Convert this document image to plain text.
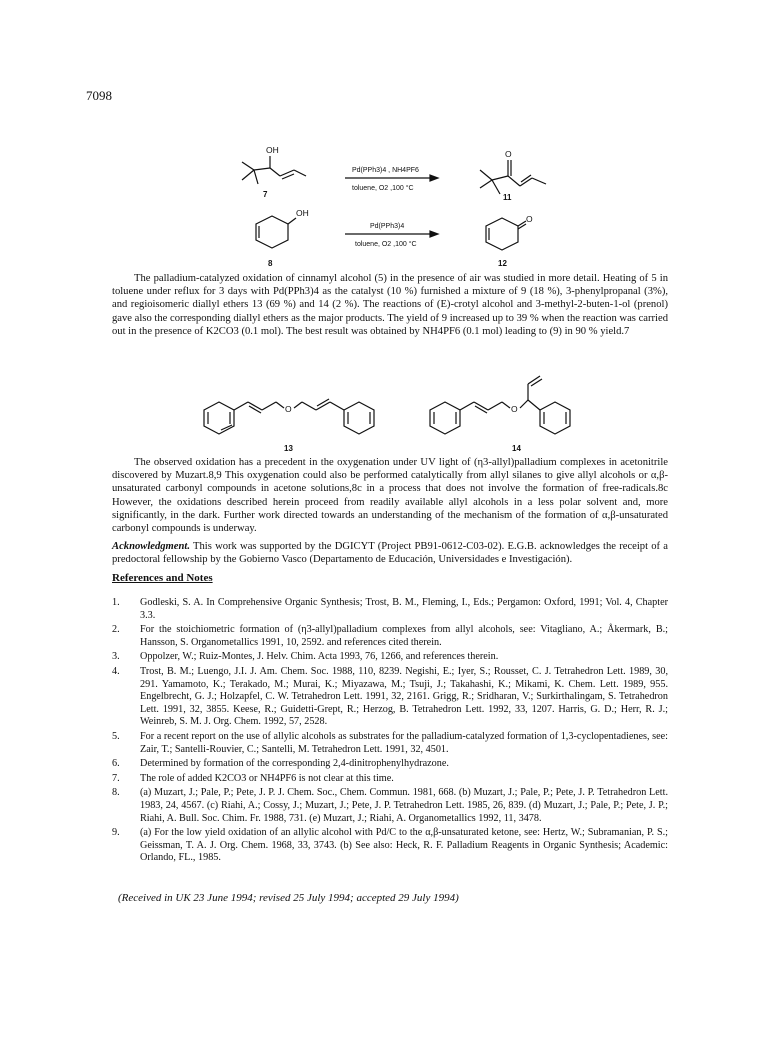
7098
OH	O
OH
O
O	O
Pd(PPh3)4 , NH4PF6
toluene, O2 ,100 °C
Pd(PPh3)4
toluene, O2 ,100 °C
7	11
8	12
13	14
The palladium-catalyzed oxidation of cinnamyl alcohol (5) in the presence of air was studied in more detail. Heating of 5 in toluene under reflux for 3 days with Pd(PPh3)4 as the catalyst (10 %) furnished a mixture of 9 (18 %), 3-phenylpropanal (3%), and regioisomeric diallyl ethers 13 (69 %) and 14 (2 %). The reactions of (E)-crotyl alcohol and 3-methyl-2-buten-1-ol (prenol) gave also the corresponding diallyl ethers as the major products. The yield of 9 increased up to 39 % when the reaction was carried out in the presence of K2CO3 (0.1 mol). The best result was obtained by NH4PF6 (0.1 mol) leading to (9) in 90 % yield.7
The observed oxidation has a precedent in the oxygenation under UV light of (η3-allyl)palladium complexes in acetonitrile discovered by Muzart.8,9 This oxygenation could also be performed catalytically from allyl silanes to give allyl alcohols or α,β-unsaturated carbonyl compounds in acetone solutions,8c in a process that does not involve the formation of free-radicals.8c However, the oxidations described herein proceed from readily available allyl alcohols in a less polar solvent and, more significantly, in the dark. Further work directed towards an understanding of the mechanism of the formation of α,β-unsaturated carbonyl compounds is underway.
Acknowledgment. This work was supported by the DGICYT (Project PB91-0612-C03-02). E.G.B. acknowledges the receipt of a predoctoral fellowship by the Gobierno Vasco (Departamento de Educación, Universidades e Investigación).
References and Notes
1.	Godleski, S. A. In Comprehensive Organic Synthesis; Trost, B. M., Fleming, I., Eds.; Pergamon: Oxford, 1991; Vol. 4, Chapter 3.3.
2.	For the stoichiometric formation of (η3-allyl)palladium complexes from allyl alcohols, see: Vitagliano, A.; Åkermark, B.; Hansson, S. Organometallics 1991, 10, 2592. and references cited therein.
3.	Oppolzer, W.; Ruiz-Montes, J. Helv. Chim. Acta 1993, 76, 1266, and references therein.
4.	Trost, B. M.; Luengo, J.I. J. Am. Chem. Soc. 1988, 110, 8239. Negishi, E.; Iyer, S.; Rousset, C. J. Tetrahedron Lett. 1989, 30, 291. Yamamoto, K.; Terakado, M.; Murai, K.; Miyazawa, M.; Tsuji, J.; Takahashi, K.; Mikami, K. Chem. Lett. 1989, 955. Engelbrecht, G. J.; Holzapfel, C. W. Tetrahedron Lett. 1991, 32, 2161. Grigg, R.; Sridharan, V.; Surkirthalingam, S. Tetrahedron Lett. 1991, 32, 3855. Keese, R.; Guidetti-Grept, R.; Herzog, B. Tetrahedron Lett. 1992, 33, 1207. Harris, G. D.; Herr, R. J.; Weinreb, S. M. J. Org. Chem. 1992, 57, 2528.
5.	For a recent report on the use of allylic alcohols as substrates for the palladium-catalyzed formation of 1,3-cyclopentadienes, see: Zair, T.; Santelli-Rouvier, C.; Santelli, M. Tetrahedron Lett. 1991, 32, 4501.
6.	Determined by formation of the corresponding 2,4-dinitrophenylhydrazone.
7.	The role of added K2CO3 or NH4PF6 is not clear at this time.
8.	(a) Muzart, J.; Pale, P.; Pete, J. P. J. Chem. Soc., Chem. Commun. 1981, 668. (b) Muzart, J.; Pale, P.; Pete, J. P. Tetrahedron Lett. 1983, 24, 4567. (c) Riahi, A.; Cossy, J.; Muzart, J.; Pete, J. P. Tetrahedron Lett. 1985, 26, 839. (d) Muzart, J.; Pale, P.; Pete, J. P.; Riahi, A. Bull. Soc. Chim. Fr. 1988, 731. (e) Muzart, J.; Riahi, A. Organometallics 1992, 11, 3478.
9.	(a) For the low yield oxidation of an allylic alcohol with Pd/C to the α,β-unsaturated ketone, see: Hertz, W.; Subramanian, P. S.; Geissman, T. A. J. Org. Chem. 1968, 33, 3743. (b) See also: Heck, R. F. Palladium Reagents in Organic Synthesis; Academic: Orlando, FL., 1985.
(Received in UK 23 June 1994; revised 25 July 1994; accepted 29 July 1994)
